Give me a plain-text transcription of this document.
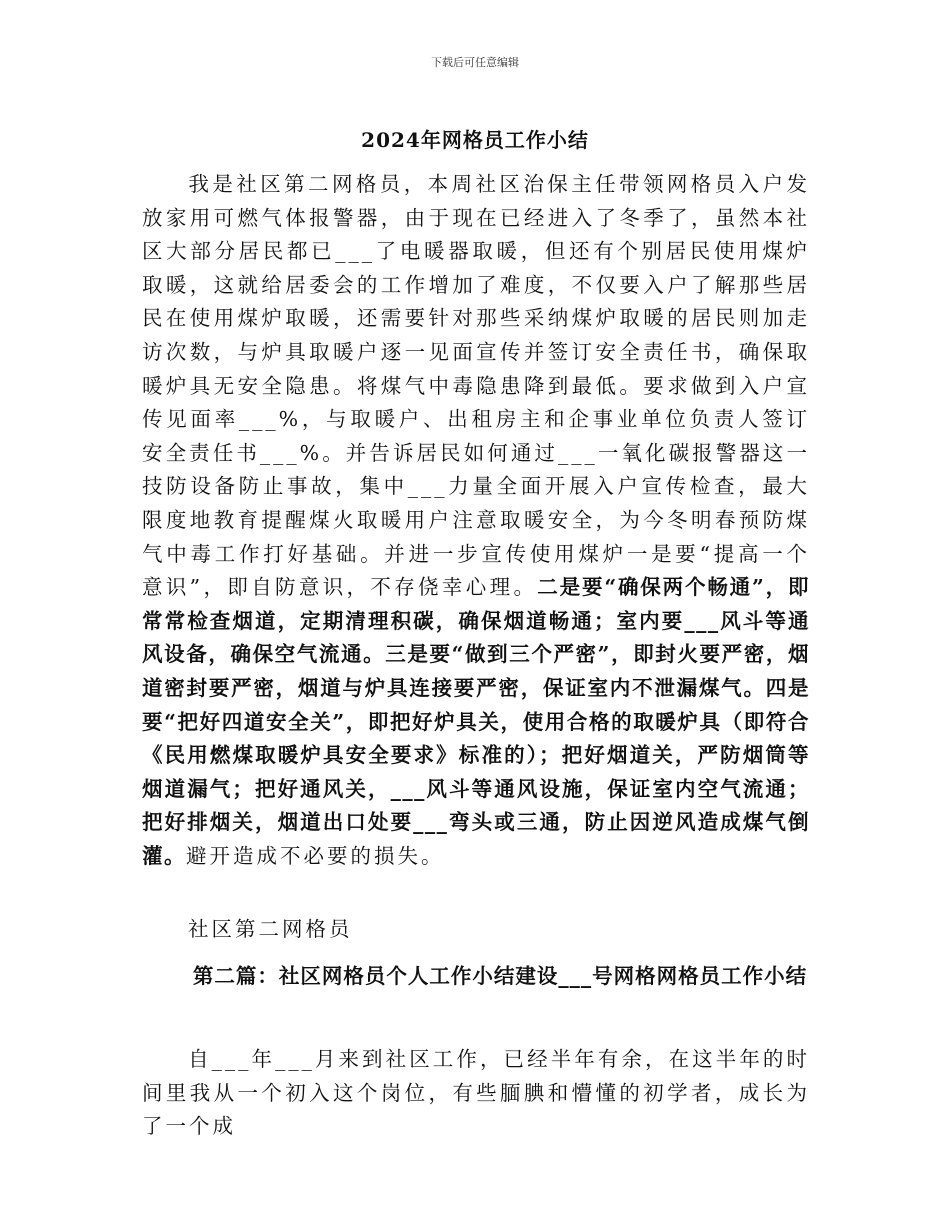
下载后可任意编辑
2024年网格员工作小结

我是社区第二网格员，本周社区治保主任带领网格员入户发放家用可燃气体报警器，由于现在已经进入了冬季了，虽然本社区大部分居民都已___了电暖器取暖，但还有个别居民使用煤炉取暖，这就给居委会的工作增加了难度，不仅要入户了解那些居民在使用煤炉取暖，还需要针对那些采纳煤炉取暖的居民则加走访次数，与炉具取暖户逐一见面宣传并签订安全责任书，确保取暖炉具无安全隐患。将煤气中毒隐患降到最低。要求做到入户宣传见面率___%，与取暖户、出租房主和企事业单位负责人签订安全责任书___%。并告诉居民如何通过___一氧化碳报警器这一技防设备防止事故，集中___力量全面开展入户宣传检查，最大限度地教育提醒煤火取暖用户注意取暖安全，为今冬明春预防煤气中毒工作打好基础。并进一步宣传使用煤炉一是要“提高一个意识”，即自防意识，不存侥幸心理。二是要“确保两个畅通”，即常常检查烟道，定期清理积碳，确保烟道畅通；室内要___风斗等通风设备，确保空气流通。三是要“做到三个严密”，即封火要严密，烟道密封要严密，烟道与炉具连接要严密，保证室内不泄漏煤气。四是要“把好四道安全关”，即把好炉具关，使用合格的取暖炉具（即符合《民用燃煤取暖炉具安全要求》标准的）；把好烟道关，严防烟筒等烟道漏气；把好通风关，___风斗等通风设施，保证室内空气流通；把好排烟关，烟道出口处要___弯头或三通，防止因逆风造成煤气倒灌。避开造成不必要的损失。

社区第二网格员
第二篇：社区网格员个人工作小结建设___号网格网格员工作小结

自___年___月来到社区工作，已经半年有余，在这半年的时间里我从一个初入这个岗位，有些腼腆和懵懂的初学者，成长为了一个成
